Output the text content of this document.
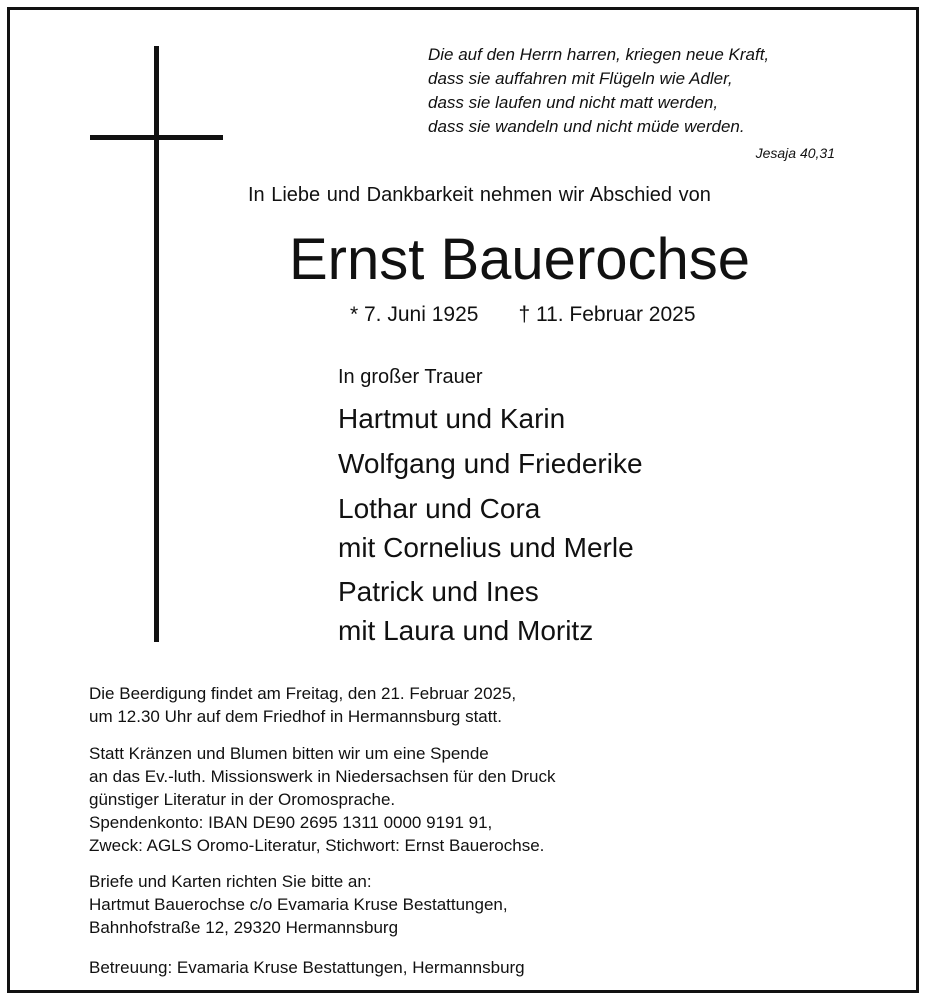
Die auf den Herrn harren, kriegen neue Kraft,
dass sie auffahren mit Flügeln wie Adler,
dass sie laufen und nicht matt werden,
dass sie wandeln und nicht müde werden.
Jesaja 40,31
In Liebe und Dankbarkeit nehmen wir Abschied von
Ernst Bauerochse
* 7. Juni 1925 † 11. Februar 2025
In großer Trauer
Hartmut und Karin
Wolfgang und Friederike
Lothar und Cora
mit Cornelius und Merle
Patrick und Ines
mit Laura und Moritz
Die Beerdigung findet am Freitag, den 21. Februar 2025,
um 12.30 Uhr auf dem Friedhof in Hermannsburg statt.
Statt Kränzen und Blumen bitten wir um eine Spende
an das Ev.-luth. Missionswerk in Niedersachsen für den Druck
günstiger Literatur in der Oromosprache.
Spendenkonto: IBAN DE90 2695 1311 0000 9191 91,
Zweck: AGLS Oromo-Literatur, Stichwort: Ernst Bauerochse.
Briefe und Karten richten Sie bitte an:
Hartmut Bauerochse c/o Evamaria Kruse Bestattungen,
Bahnhofstraße 12, 29320 Hermannsburg
Betreuung: Evamaria Kruse Bestattungen, Hermannsburg
